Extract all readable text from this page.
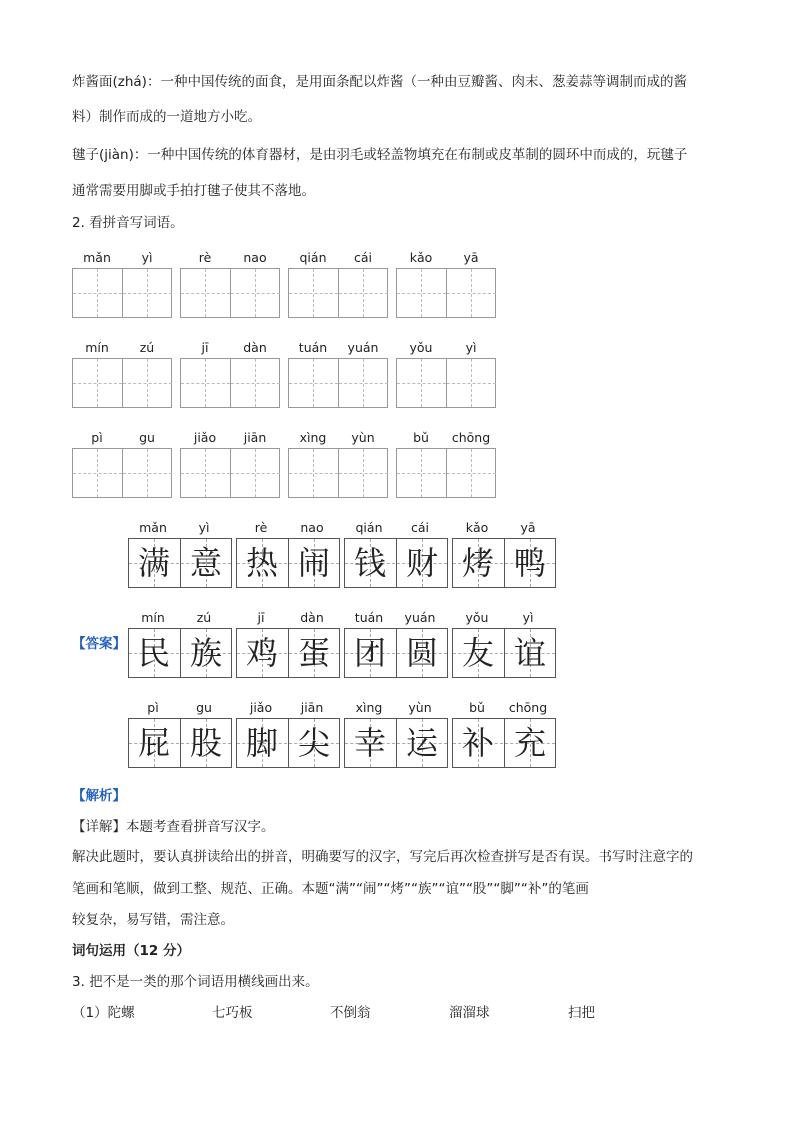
炸酱面(zhá)：一种中国传统的面食，是用面条配以炸酱（一种由豆瓣酱、肉末、葱姜蒜等调制而成的酱
料）制作而成的一道地方小吃。
毽子(jiàn)：一种中国传统的体育器材，是由羽毛或轻盖物填充在布制或皮革制的圆环中而成的，玩毽子
通常需要用脚或手拍打毽子使其不落地。
2. 看拼音写词语。
mǎn	yì	rè	nao	qián	cái	kǎo	yā
mín	zú	jī	dàn	tuán	yuán	yǒu	yì
pì	gu	jiǎo	jiān	xìng	yùn	bǔ	chōng
【答案】
mǎn	yì
满 意
rè	nao
热 闹
qián	cái
钱 财
kǎo	yā
烤 鸭
mín	zú
民 族
jī	dàn
鸡 蛋
tuán	yuán
团 圆
yǒu	yì
友 谊
pì	gu
屁 股
jiǎo	jiān
脚 尖
xìng	yùn
幸 运
bǔ	chōng
补 充
【解析】
【详解】本题考查看拼音写汉字。
解决此题时，要认真拼读给出的拼音，明确要写的汉字，写完后再次检查拼写是否有误。书写时注意字的
笔画和笔顺，做到工整、规范、正确。本题“满”“闹”“烤”“族”“谊”“股”“脚”“补”的笔画
较复杂，易写错，需注意。
词句运用（12 分）
3. 把不是一类的那个词语用横线画出来。
（1）陀螺	七巧板	不倒翁	溜溜球	扫把
